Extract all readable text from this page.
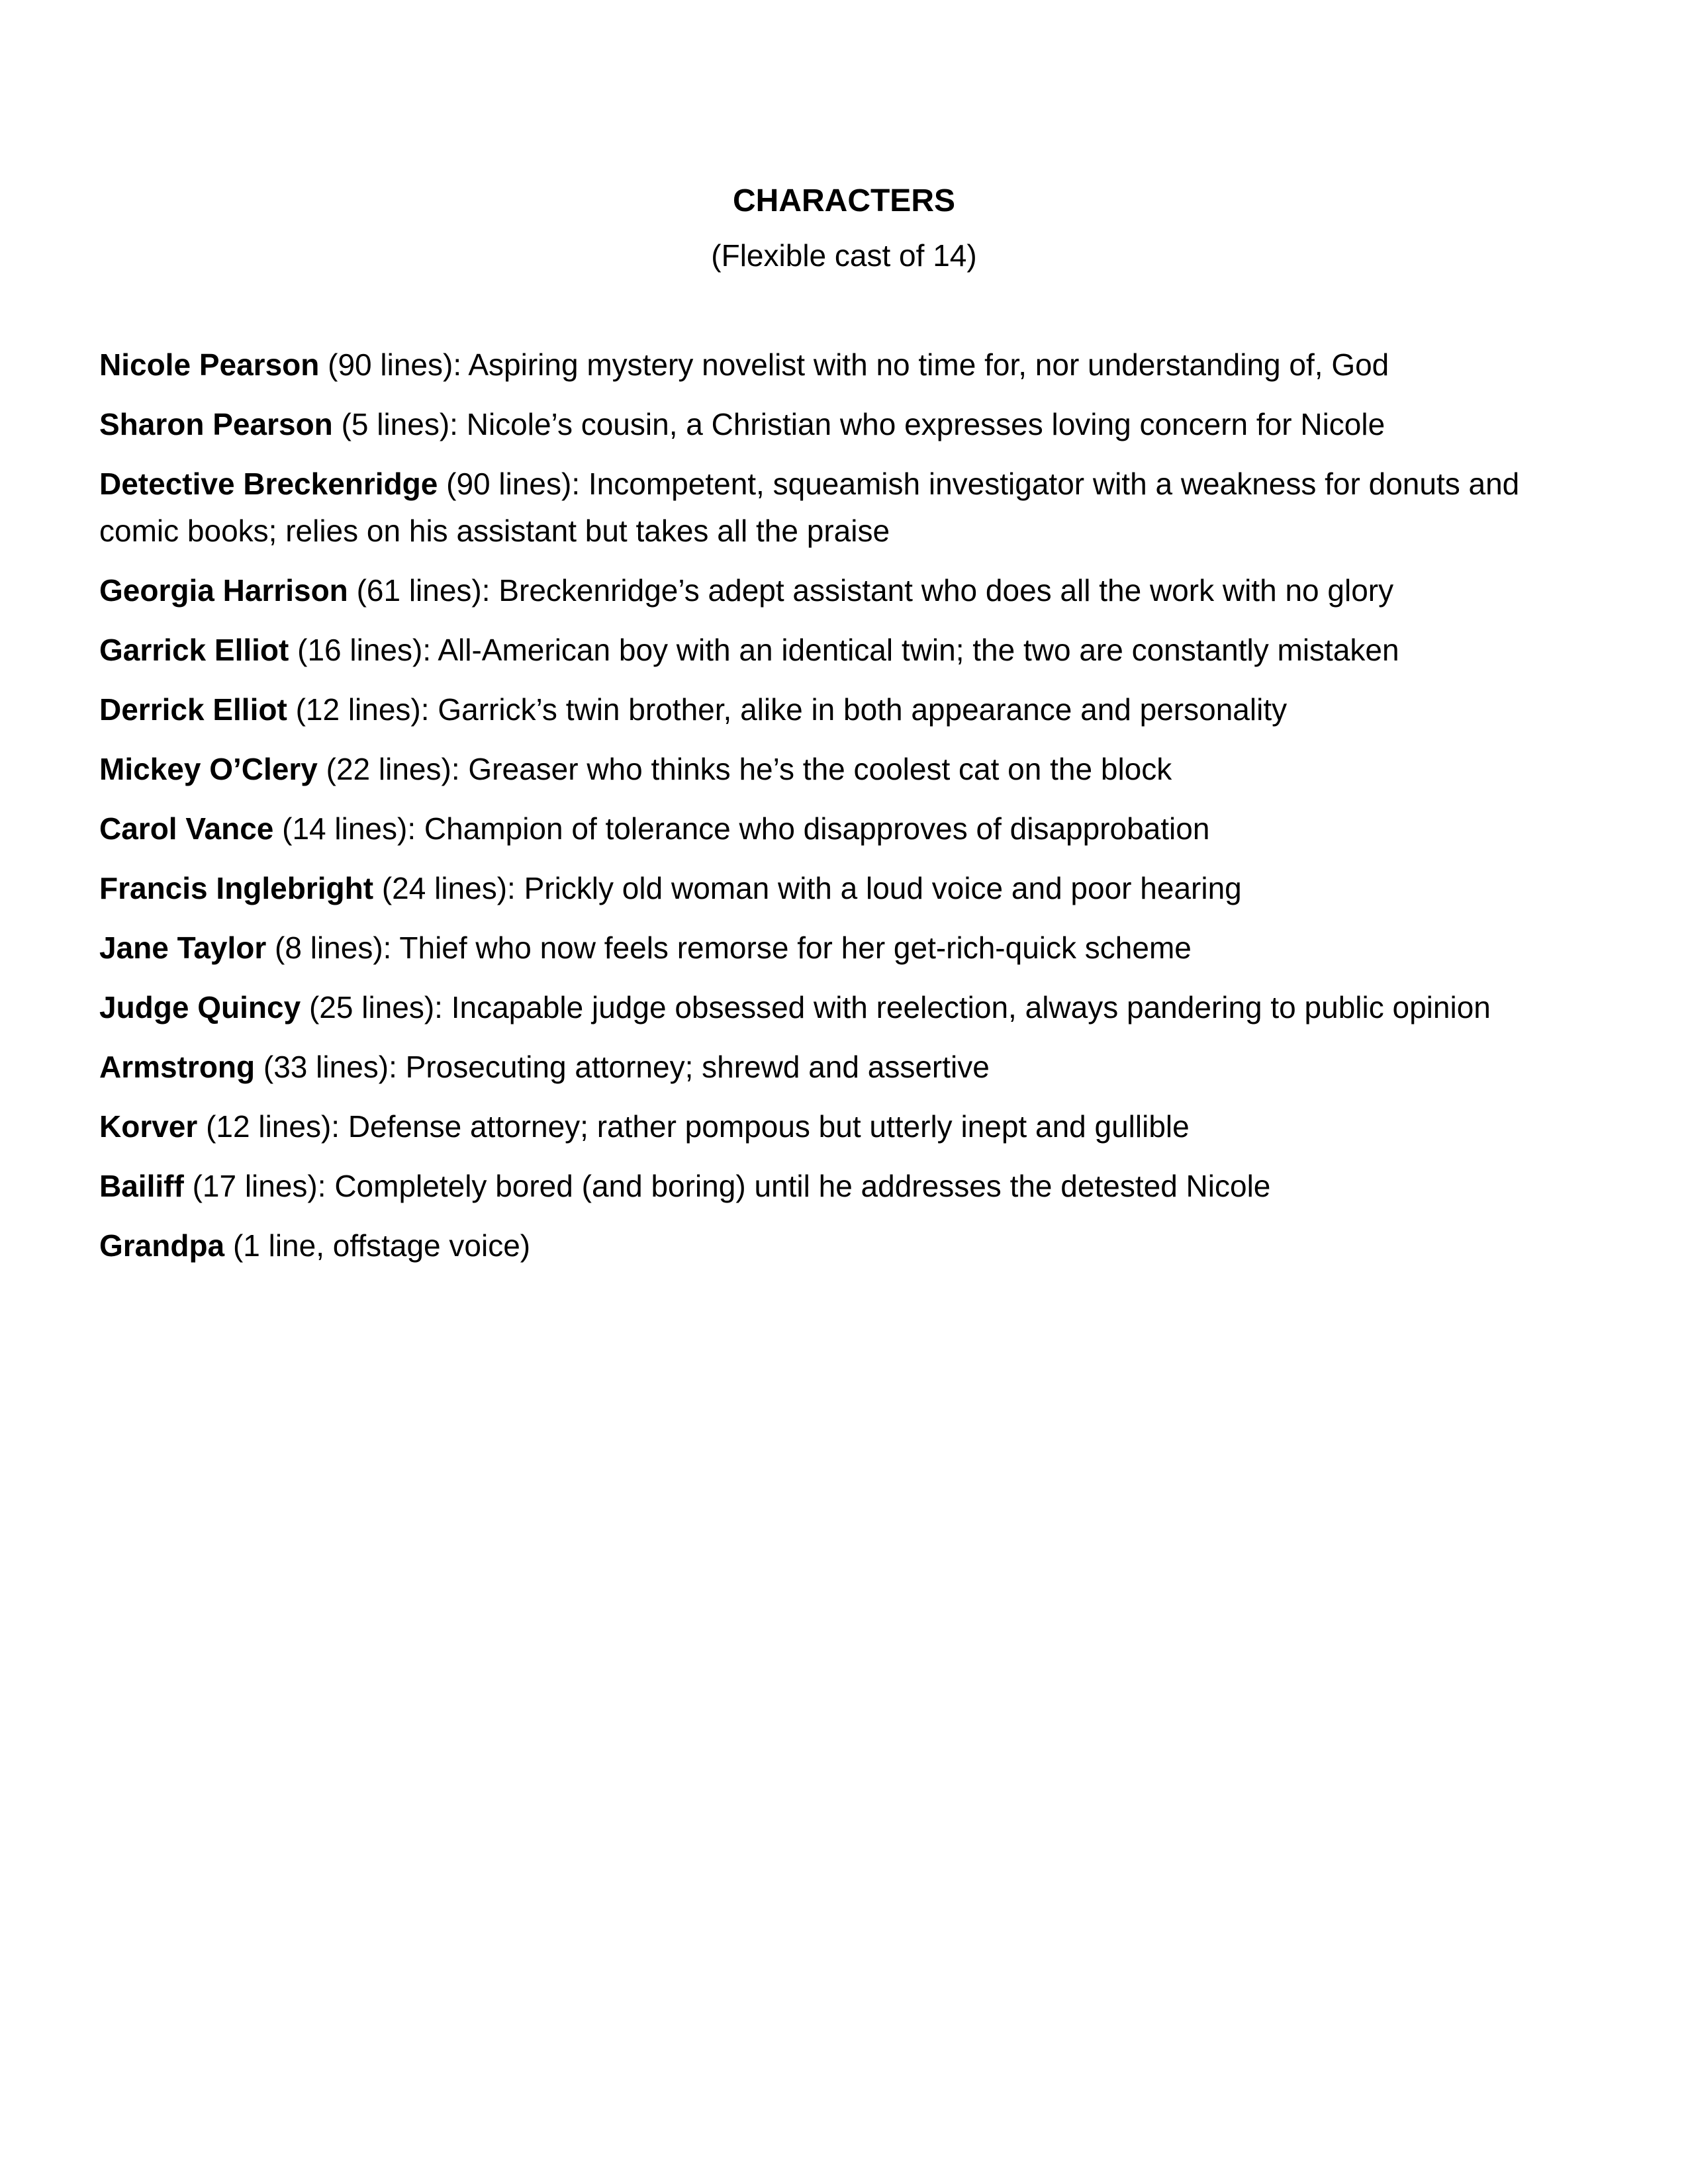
CHARACTERS
(Flexible cast of 14)
Nicole Pearson (90 lines): Aspiring mystery novelist with no time for, nor understanding of, God
Sharon Pearson (5 lines): Nicole’s cousin, a Christian who expresses loving concern for Nicole
Detective Breckenridge (90 lines): Incompetent, squeamish investigator with a weakness for donuts and comic books; relies on his assistant but takes all the praise
Georgia Harrison (61 lines): Breckenridge’s adept assistant who does all the work with no glory
Garrick Elliot (16 lines): All-American boy with an identical twin; the two are constantly mistaken
Derrick Elliot (12 lines): Garrick’s twin brother, alike in both appearance and personality
Mickey O’Clery (22 lines): Greaser who thinks he’s the coolest cat on the block
Carol Vance (14 lines): Champion of tolerance who disapproves of disapprobation
Francis Inglebright (24 lines): Prickly old woman with a loud voice and poor hearing
Jane Taylor (8 lines): Thief who now feels remorse for her get-rich-quick scheme
Judge Quincy (25 lines): Incapable judge obsessed with reelection, always pandering to public opinion
Armstrong (33 lines): Prosecuting attorney; shrewd and assertive
Korver (12 lines): Defense attorney; rather pompous but utterly inept and gullible
Bailiff (17 lines): Completely bored (and boring) until he addresses the detested Nicole
Grandpa (1 line, offstage voice)
